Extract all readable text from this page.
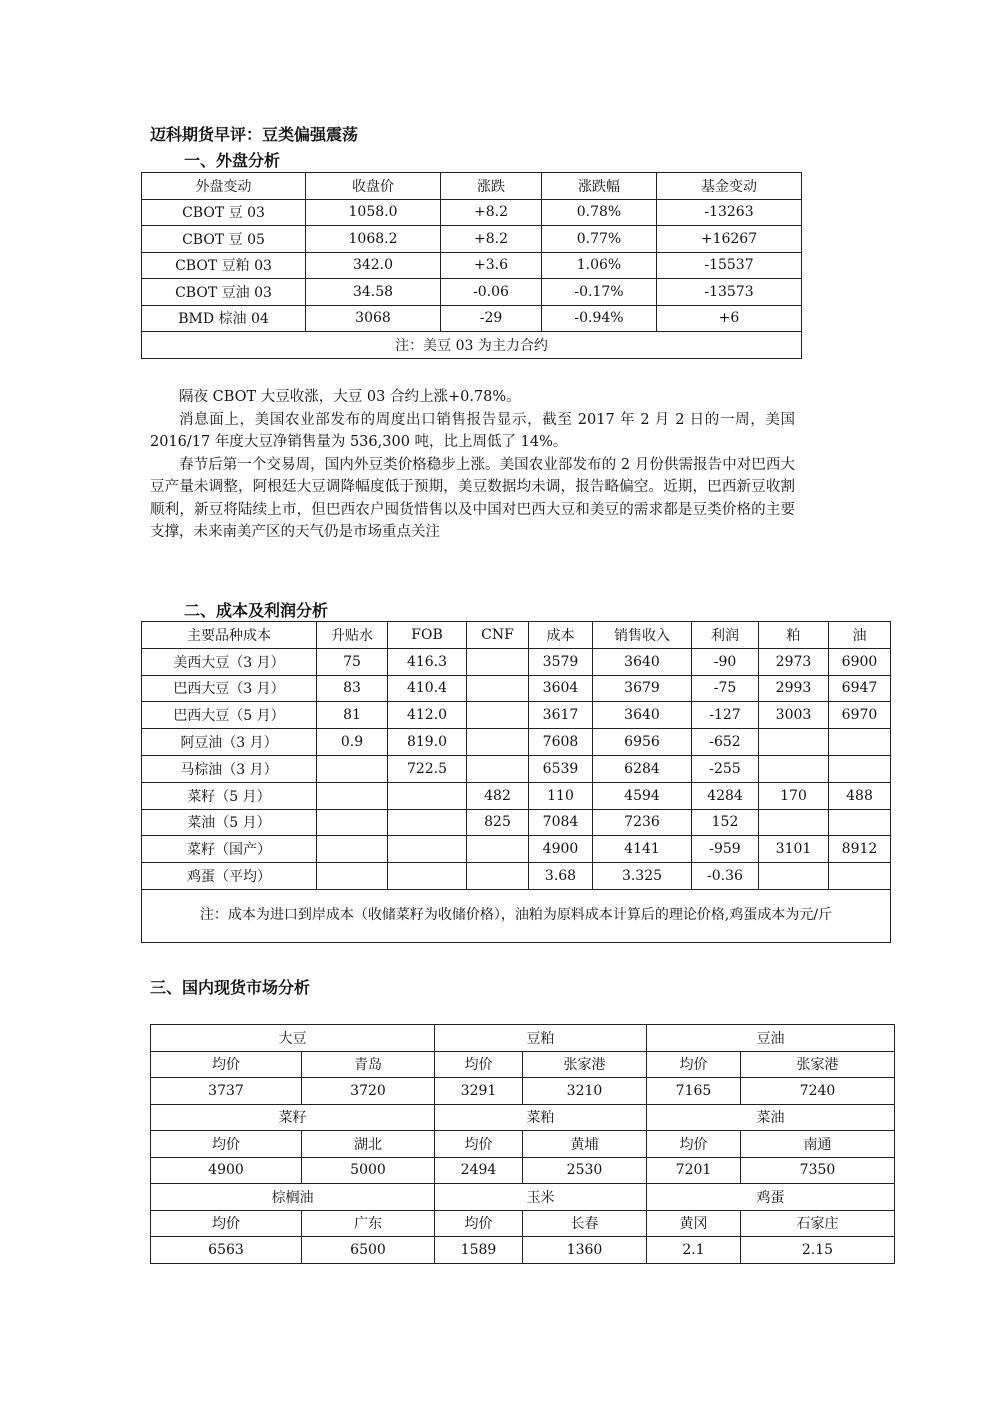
迈科期货早评：豆类偏强震荡
一、外盘分析
外盘变动	收盘价	涨跌	涨跌幅	基金变动
CBOT 豆 03	1058.0	+8.2	0.78%	-13263
CBOT 豆 05	1068.2	+8.2	0.77%	+16267
CBOT 豆粕 03	342.0	+3.6	1.06%	-15537
CBOT 豆油 03	34.58	-0.06	-0.17%	-13573
BMD 棕油 04	3068	-29	-0.94%	+6
注：美豆 03 为主力合约				

隔夜 CBOT 大豆收涨，大豆 03 合约上涨+0.78%。

消息面上，美国农业部发布的周度出口销售报告显示，截至 2017 年 2 月 2 日的一周，美国 2016/17 年度大豆净销售量为 536,300 吨，比上周低了 14%。

春节后第一个交易周，国内外豆类价格稳步上涨。美国农业部发布的 2 月份供需报告中对巴西大豆产量未调整，阿根廷大豆调降幅度低于预期，美豆数据均未调，报告略偏空。近期，巴西新豆收割顺利，新豆将陆续上市，但巴西农户囤货惜售以及中国对巴西大豆和美豆的需求都是豆类价格的主要支撑，未来南美产区的天气仍是市场重点关注

二、成本及利润分析
主要品种成本	升贴水	FOB	CNF	成本	销售收入	利润	粕	油
美西大豆（3 月）	75	416.3		3579	3640	-90	2973	6900
巴西大豆（3 月）	83	410.4		3604	3679	-75	2993	6947
巴西大豆（5 月）	81	412.0		3617	3640	-127	3003	6970
阿豆油（3 月）	0.9	819.0		7608	6956	-652		
马棕油（3 月）		722.5		6539	6284	-255		
菜籽（5 月）			482	110	4594	4284	170	488
菜油（5 月）			825	7084	7236	152		
菜籽（国产）				4900	4141	-959	3101	8912
鸡蛋（平均）				3.68	3.325	-0.36		
注：成本为进口到岸成本（收储菜籽为收储价格），油粕为原料成本计算后的理论价格,鸡蛋成本为元/斤								
三、国内现货市场分析
大豆		豆粕		豆油	
均价	青岛	均价	张家港	均价	张家港
3737	3720	3291	3210	7165	7240
菜籽		菜粕		菜油	
均价	湖北	均价	黄埔	均价	南通
4900	5000	2494	2530	7201	7350
棕榈油		玉米		鸡蛋	
均价	广东	均价	长春	黄冈	石家庄
6563	6500	1589	1360	2.1	2.15
